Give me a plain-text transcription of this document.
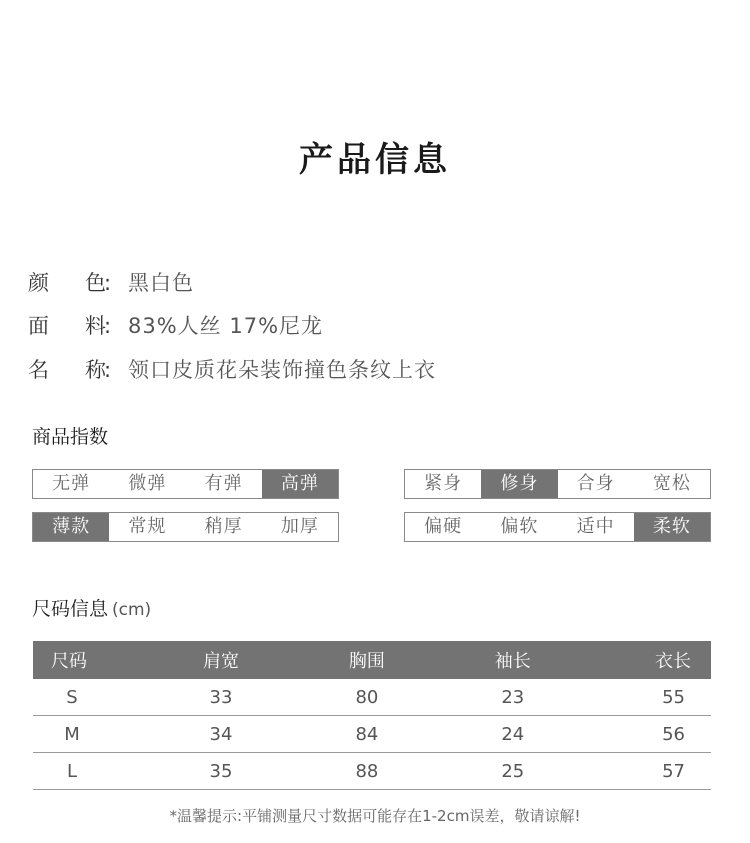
产品信息
颜 色
: 黑白色
面 料
: 83%人丝 17%尼龙
名 称
: 领口皮质花朵装饰撞色条纹上衣
商品指数
无弹	微弹	有弹	高弹	紧身	修身	合身	宽松
薄款	常规	稍厚	加厚	偏硬	偏软	适中	柔软
尺码信息 (cm)
尺码	肩宽	胸围	袖长	衣长
S	33	80	23	55
M	34	84	24	56
L	35	88	25	57
*温馨提示:平铺测量尺寸数据可能存在1-2cm误差，敬请谅解!
